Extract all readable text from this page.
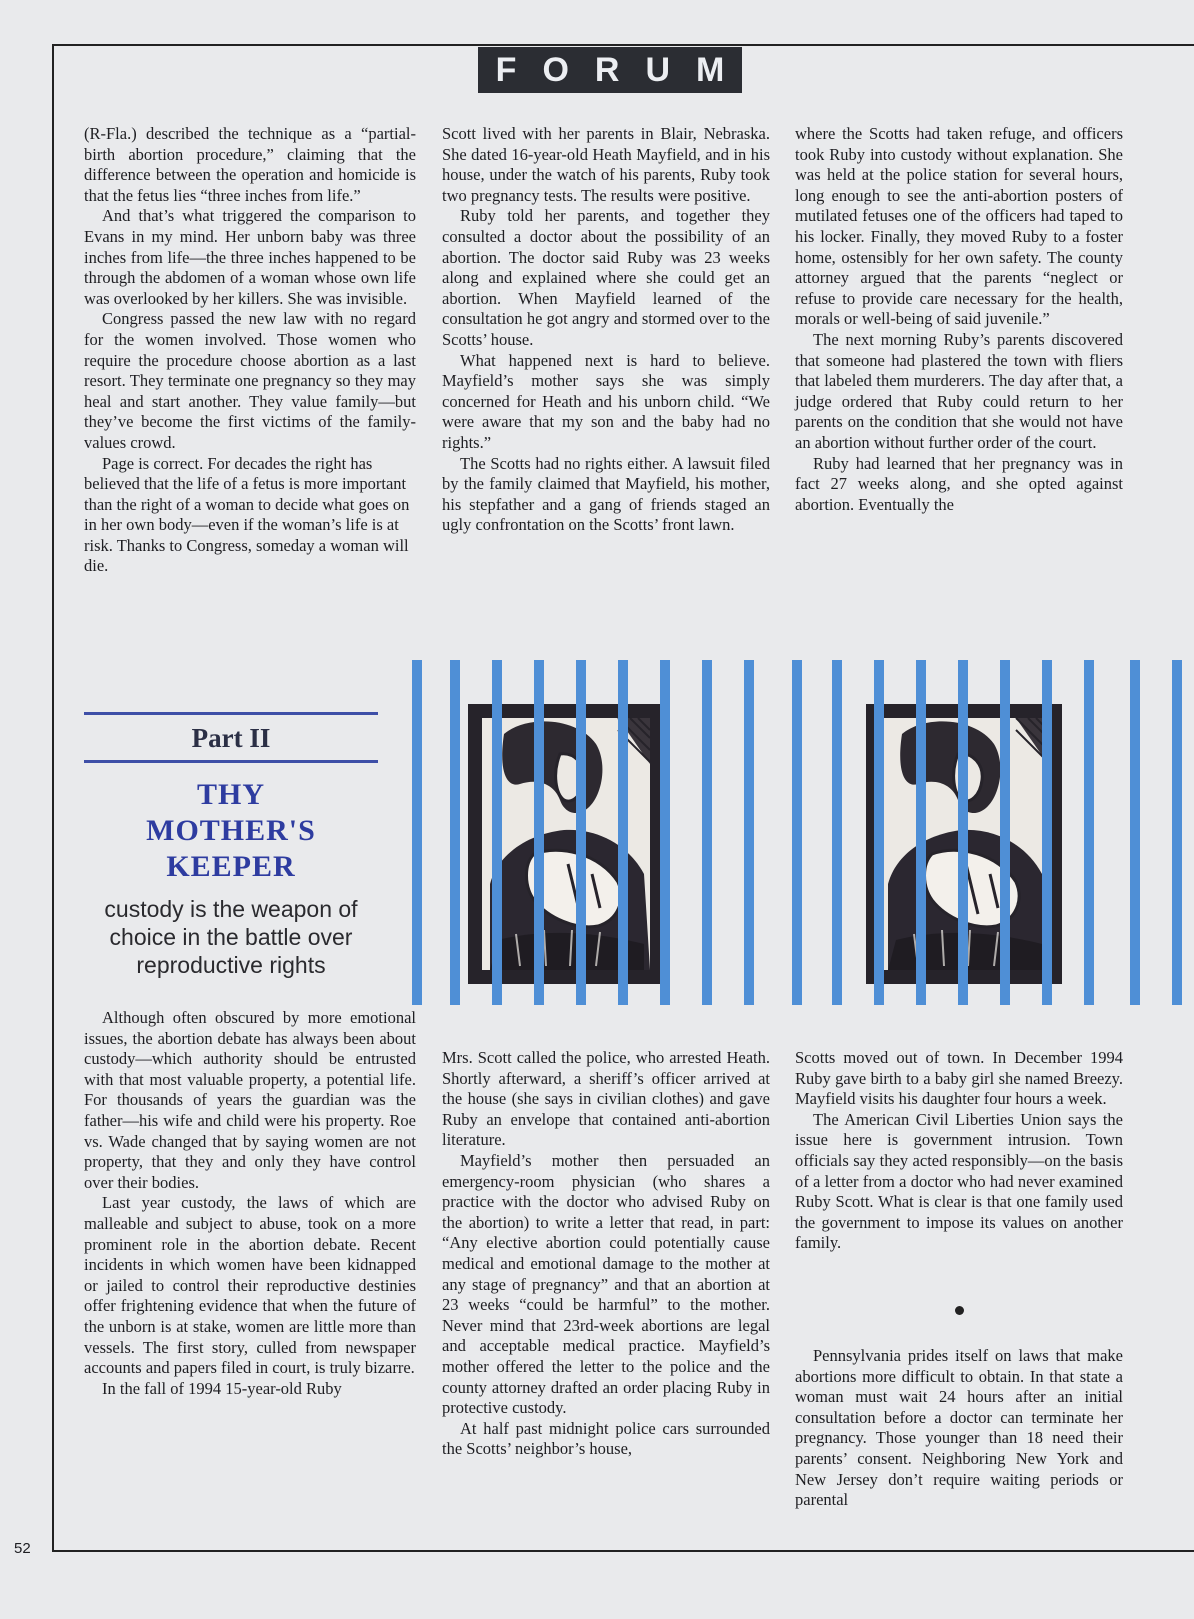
FORUM

(R-Fla.) described the technique as a “partial-birth abortion procedure,” claiming that the difference between the operation and homicide is that the fetus lies “three inches from life.”

And that’s what triggered the comparison to Evans in my mind. Her unborn baby was three inches from life—the three inches happened to be through the abdomen of a woman whose own life was overlooked by her killers. She was invisible.

Congress passed the new law with no regard for the women involved. Those women who require the procedure choose abortion as a last resort. They terminate one pregnancy so they may heal and start another. They value family—but they’ve become the first victims of the family-values crowd.

Page is correct. For decades the right has believed that the life of a fetus is more important than the right of a woman to decide what goes on in her own body—even if the woman’s life is at risk. Thanks to Congress, someday a woman will die.

Scott lived with her parents in Blair, Nebraska. She dated 16-year-old Heath Mayfield, and in his house, under the watch of his parents, Ruby took two pregnancy tests. The results were positive.

Ruby told her parents, and together they consulted a doctor about the possibility of an abortion. The doctor said Ruby was 23 weeks along and explained where she could get an abortion. When Mayfield learned of the consultation he got angry and stormed over to the Scotts’ house.

What happened next is hard to believe. Mayfield’s mother says she was simply concerned for Heath and his unborn child. “We were aware that my son and the baby had no rights.”

The Scotts had no rights either. A lawsuit filed by the family claimed that Mayfield, his mother, his stepfather and a gang of friends staged an ugly confrontation on the Scotts’ front lawn.

where the Scotts had taken refuge, and officers took Ruby into custody without explanation. She was held at the police station for several hours, long enough to see the anti-abortion posters of mutilated fetuses one of the officers had taped to his locker. Finally, they moved Ruby to a foster home, ostensibly for her own safety. The county attorney argued that the parents “neglect or refuse to provide care necessary for the health, morals or well-being of said juvenile.”

The next morning Ruby’s parents discovered that someone had plastered the town with fliers that labeled them murderers. The day after that, a judge ordered that Ruby could return to her parents on the condition that she would not have an abortion without further order of the court.

Ruby had learned that her pregnancy was in fact 27 weeks along, and she opted against abortion. Eventually the

Part II
THY
MOTHER'S
KEEPER
custody is the weapon of choice in the battle over reproductive rights

Although often obscured by more emotional issues, the abortion debate has always been about custody—which authority should be entrusted with that most valuable property, a potential life. For thousands of years the guardian was the father—his wife and child were his property. Roe vs. Wade changed that by saying women are not property, that they and only they have control over their bodies.

Last year custody, the laws of which are malleable and subject to abuse, took on a more prominent role in the abortion debate. Recent incidents in which women have been kidnapped or jailed to control their reproductive destinies offer frightening evidence that when the future of the unborn is at stake, women are little more than vessels. The first story, culled from newspaper accounts and papers filed in court, is truly bizarre.

In the fall of 1994 15-year-old Ruby

Mrs. Scott called the police, who arrested Heath. Shortly afterward, a sheriff’s officer arrived at the house (she says in civilian clothes) and gave Ruby an envelope that contained anti-abortion literature.

Mayfield’s mother then persuaded an emergency-room physician (who shares a practice with the doctor who advised Ruby on the abortion) to write a letter that read, in part: “Any elective abortion could potentially cause medical and emotional damage to the mother at any stage of pregnancy” and that an abortion at 23 weeks “could be harmful” to the mother. Never mind that 23rd-week abortions are legal and acceptable medical practice. Mayfield’s mother offered the letter to the police and the county attorney drafted an order placing Ruby in protective custody.

At half past midnight police cars surrounded the Scotts’ neighbor’s house,

Scotts moved out of town. In December 1994 Ruby gave birth to a baby girl she named Breezy. Mayfield visits his daughter four hours a week.

The American Civil Liberties Union says the issue here is government intrusion. Town officials say they acted responsibly—on the basis of a letter from a doctor who had never examined Ruby Scott. What is clear is that one family used the government to impose its values on another family.

Pennsylvania prides itself on laws that make abortions more difficult to obtain. In that state a woman must wait 24 hours after an initial consultation before a doctor can terminate her pregnancy. Those younger than 18 need their parents’ consent. Neighboring New York and New Jersey don’t require waiting periods or parental

52
